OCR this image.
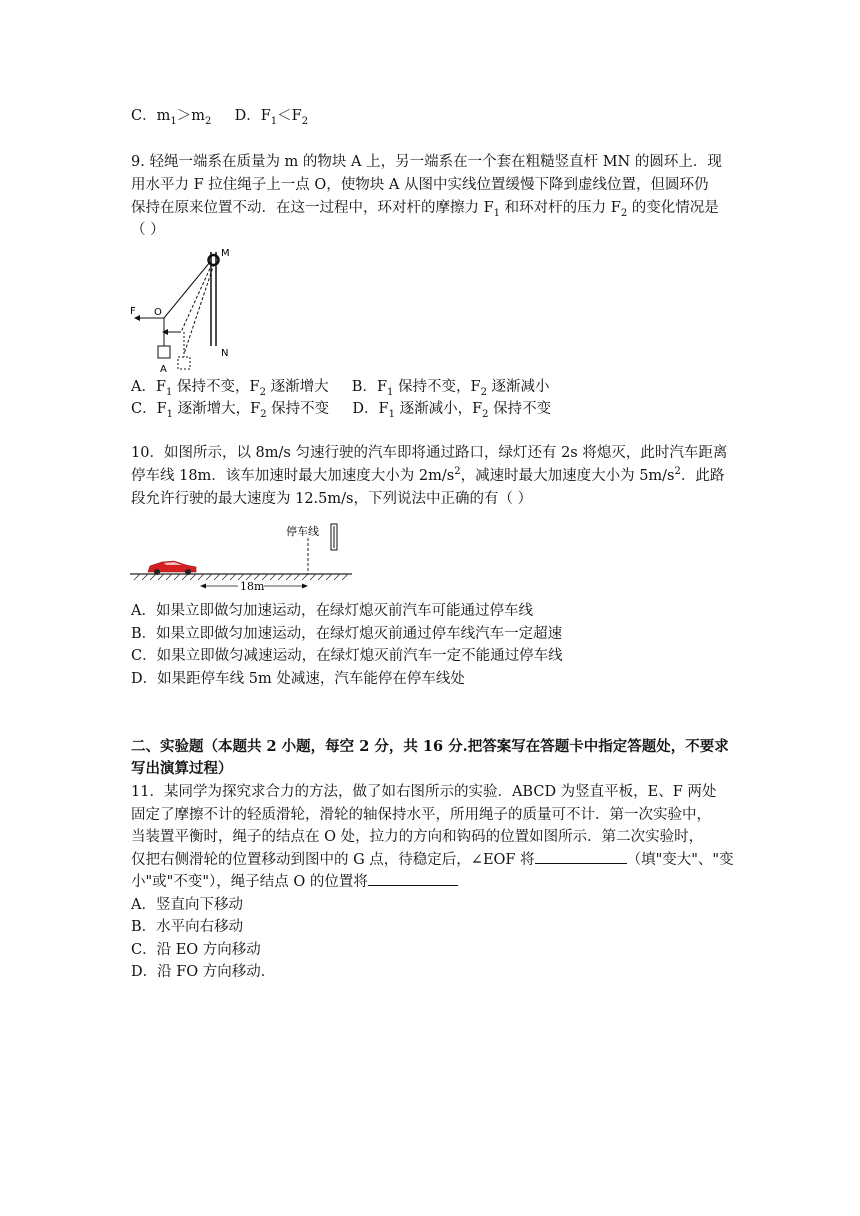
C．$m_1>m_2$ D．$F_1<F_2$
9. 轻绳一端系在质量为 m 的物块 A 上，另一端系在一个套在粗糙竖直杆 MN 的圆环上．现
用水平力 F 拉住绳子上一点 O，使物块 A 从图中实线位置缓慢下降到虚线位置，但圆环仍
保持在原来位置不动．在这一过程中，环对杆的摩擦力 $F_1$ 和环对杆的压力 $F_2$ 的变化情况是
（ ）
M
N
F O
A
A．$F_1$ 保持不变，$F_2$ 逐渐增大 B．$F_1$ 保持不变，$F_2$ 逐渐减小
C．$F_1$ 逐渐增大，$F_2$ 保持不变 D．$F_1$ 逐渐减小，$F_2$ 保持不变
10．如图所示，以 8m/s 匀速行驶的汽车即将通过路口，绿灯还有 2s 将熄灭，此时汽车距离
停车线 18m．该车加速时最大加速度大小为 $2m/s^2$，减速时最大加速度大小为 $5m/s^2$．此路
段允许行驶的最大速度为 12.5m/s，下列说法中正确的有（ ）
停车线
18m
A．如果立即做匀加速运动，在绿灯熄灭前汽车可能通过停车线
B．如果立即做匀加速运动，在绿灯熄灭前通过停车线汽车一定超速
C．如果立即做匀减速运动，在绿灯熄灭前汽车一定不能通过停车线
D．如果距停车线 5m 处减速，汽车能停在停车线处
二、实验题（本题共 2 小题，每空 2 分，共 16 分.把答案写在答题卡中指定答题处，不要求
写出演算过程）
11．某同学为探究求合力的方法，做了如右图所示的实验．ABCD 为竖直平板，E、F 两处
固定了摩擦不计的轻质滑轮，滑轮的轴保持水平，所用绳子的质量可不计．第一次实验中，
当装置平衡时，绳子的结点在 O 处，拉力的方向和钩码的位置如图所示．第二次实验时，
仅把右侧滑轮的位置移动到图中的 G 点，待稳定后，∠EOF 将	（填"变大"、"变
小"或"不变"），绳子结点 O 的位置将
A．竖直向下移动
B．水平向右移动
C．沿 EO 方向移动
D．沿 FO 方向移动．
